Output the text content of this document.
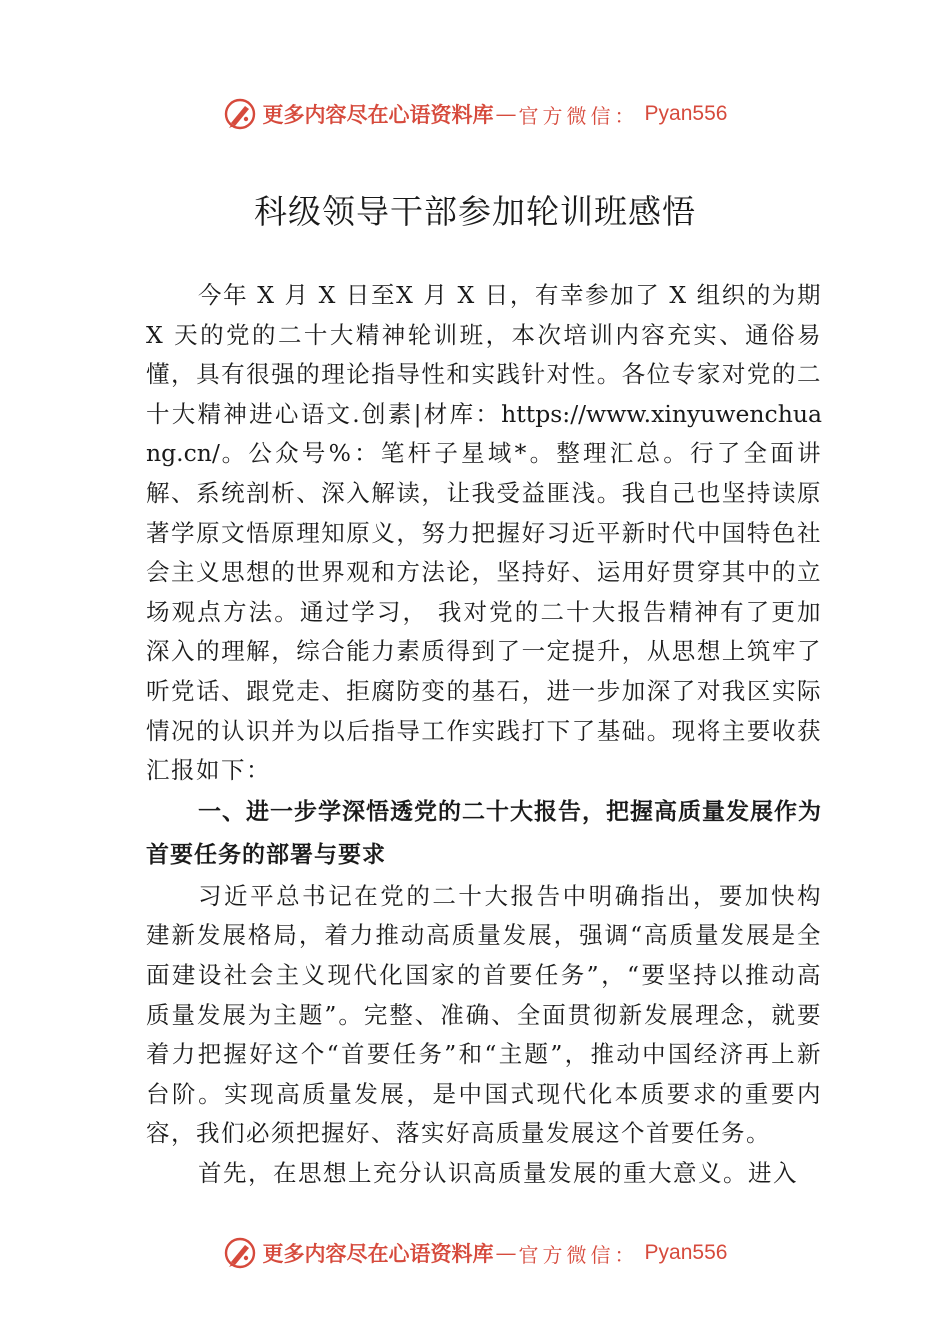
更多内容尽在心语资料库 — 官方微信： Pyan556
科级领导干部参加轮训班感悟

今年 X 月 X 日至X 月 X 日，有幸参加了 X 组织的为期X 天的党的二十大精神轮训班，本次培训内容充实、通俗易懂，具有很强的理论指导性和实践针对性。各位专家对党的二十大精神进心语文.创素|材库：https://www.xinyuwenchuang.cn/。公众号%：笔杆子星域*。整理汇总。行了全面讲解、系统剖析、深入解读，让我受益匪浅。我自己也坚持读原著学原文悟原理知原义，努力把握好习近平新时代中国特色社会主义思想的世界观和方法论，坚持好、运用好贯穿其中的立场观点方法。通过学习， 我对党的二十大报告精神有了更加深入的理解，综合能力素质得到了一定提升，从思想上筑牢了听党话、跟党走、拒腐防变的基石，进一步加深了对我区实际情况的认识并为以后指导工作实践打下了基础。现将主要收获汇报如下：

一、进一步学深悟透党的二十大报告，把握高质量发展作为首要任务的部署与要求

习近平总书记在党的二十大报告中明确指出，要加快构建新发展格局，着力推动高质量发展，强调“高质量发展是全面建设社会主义现代化国家的首要任务”，“要坚持以推动高质量发展为主题”。完整、准确、全面贯彻新发展理念，就要着力把握好这个“首要任务”和“主题”，推动中国经济再上新台阶。实现高质量发展，是中国式现代化本质要求的重要内容，我们必须把握好、落实好高质量发展这个首要任务。

首先，在思想上充分认识高质量发展的重大意义。进入

更多内容尽在心语资料库 — 官方微信： Pyan556
